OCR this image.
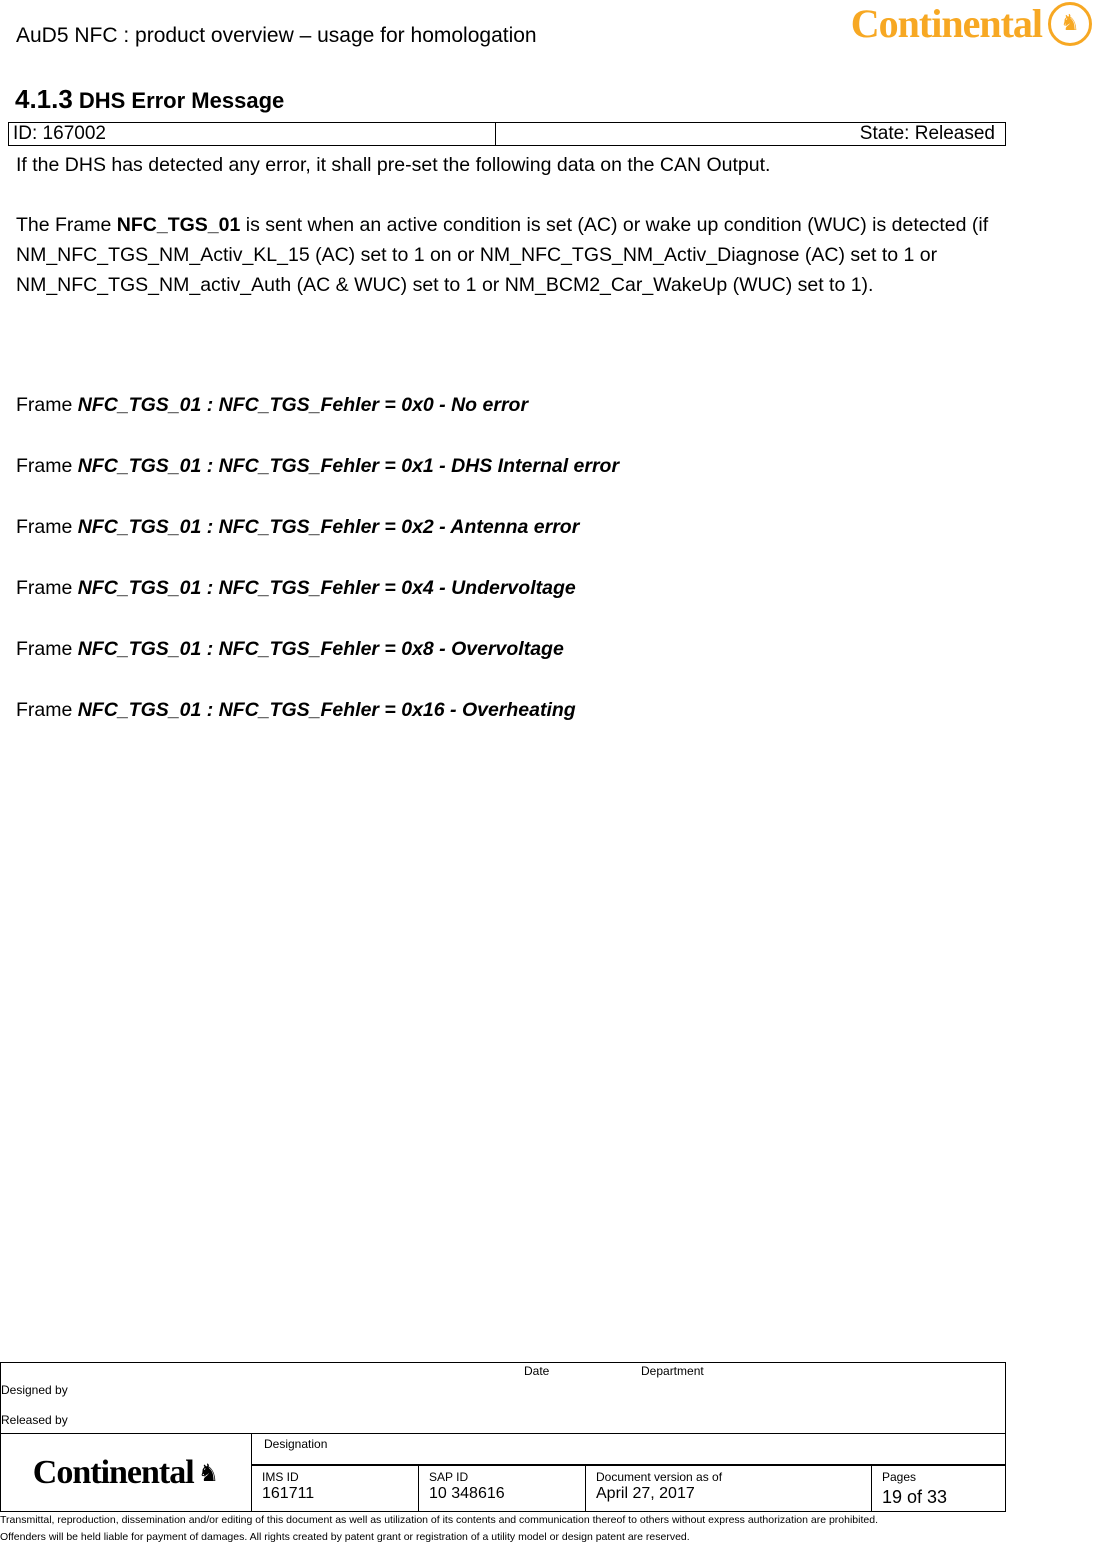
AuD5 NFC : product overview – usage for homologation	Continental ♞
4.1.3 DHS Error Message
ID: 167002	State: Released
If the DHS has detected any error, it shall pre-set the following data on the CAN Output.
The Frame NFC_TGS_01 is sent when an active condition is set (AC) or wake up condition (WUC) is detected (if NM_NFC_TGS_NM_Activ_KL_15 (AC) set to 1 on or NM_NFC_TGS_NM_Activ_Diagnose (AC) set to 1 or NM_NFC_TGS_NM_activ_Auth (AC & WUC) set to 1 or NM_BCM2_Car_WakeUp (WUC) set to 1).
Frame NFC_TGS_01 : NFC_TGS_Fehler = 0x0 - No error
Frame NFC_TGS_01 : NFC_TGS_Fehler = 0x1 - DHS Internal error
Frame NFC_TGS_01 : NFC_TGS_Fehler = 0x2 - Antenna error
Frame NFC_TGS_01 : NFC_TGS_Fehler = 0x4 - Undervoltage
Frame NFC_TGS_01 : NFC_TGS_Fehler = 0x8 - Overvoltage
Frame NFC_TGS_01 : NFC_TGS_Fehler = 0x16 - Overheating
Date	Department
Designed by
Released by
Continental ♞
Designation
IMS ID
161711
SAP ID
10 348616
Document version as of
April 27, 2017
Pages
19 of 33
Transmittal, reproduction, dissemination and/or editing of this document as well as utilization of its contents and communication thereof to others without express authorization are prohibited.
Offenders will be held liable for payment of damages. All rights created by patent grant or registration of a utility model or design patent are reserved.
